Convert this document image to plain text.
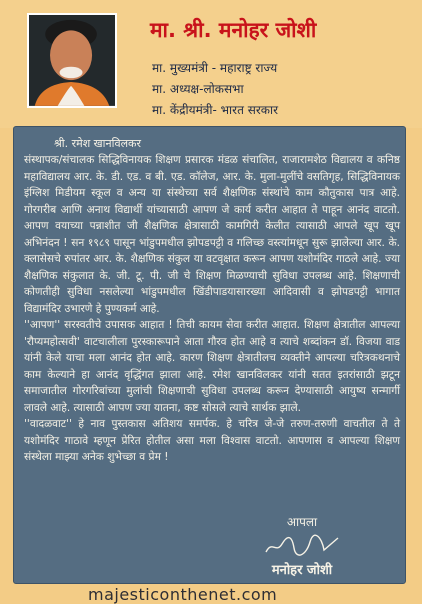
मा. श्री. मनोहर जोशी
मा. मुख्यमंत्री - महाराष्ट्र राज्य
मा. अध्यक्ष-लोकसभा
मा. केंद्रीयमंत्री- भारत सरकार
श्री. रमेश खानविलकर

संस्थापक/संचालक सिद्धिविनायक शिक्षण प्रसारक मंडळ संचालित, राजारामशेठ विद्यालय व कनिष्ठ महाविद्यालय आर. के. डी. एड. व बी. एड. कॉलेज, आर. के. मुला-मुलींचे वसतिगृह, सिद्धिविनायक इंग्लिश मिडीयम स्कूल व अन्य या संस्थेच्या सर्व शैक्षणिक संस्थांचे काम कौतुकास पात्र आहे. गोरगरीब आणि अनाथ विद्यार्थी यांच्यासाठी आपण जे कार्य करीत आहात ते पाहून आनंद वाटतो. आपण वयाच्या पन्नाशीत जी शैक्षणिक क्षेत्रासाठी कामगिरी केलीत त्यासाठी आपले खूप खूप अभिनंदन ! सन १९८९ पासून भांडुपमधील झोपडपट्टी व गलिच्छ वस्त्यांमधून सुरू झालेल्या आर. के. क्लासेसचे रुपांतर आर. के. शैक्षणिक संकुल या वटवृक्षात करून आपण यशोमंदिर गाठले आहे. ज्या शैक्षणिक संकुलात के. जी. टू. पी. जी चे शिक्षण मिळण्याची सुविधा उपलब्ध आहे. शिक्षणाची कोणतीही सुविधा नसलेल्या भांडुपमधील खिंडीपाडयासारख्या आदिवासी व झोपडपट्टी भागात विद्यामंदिर उभारणे हे पुण्यकर्म आहे.

''आपण'' सरस्वतीचे उपासक आहात ! तिची कायम सेवा करीत आहात. शिक्षण क्षेत्रातील आपल्या 'रौप्यमहोत्सवी' वाटचालीला पुरस्कारूपाने आता गौरव होत आहे व त्याचे शब्दांकन डॉ. विजया वाड यांनी केले याचा मला आनंद होत आहे. कारण शिक्षण क्षेत्रातीलच व्यक्तीने आपल्या चरित्रकथनाचे काम केल्याने हा आनंद वृद्धिंगत झाला आहे. रमेश खानविलकर यांनी सतत इतरांसाठी झटून समाजातील गोरगरिबांच्या मुलांची शिक्षणाची सुविधा उपलब्ध करून देण्यासाठी आयुष्य सन्मार्गी लावले आहे. त्यासाठी आपण ज्या यातना, कष्ट सोसले त्याचे सार्थक झाले.

''वादळवाट'' हे नाव पुस्तकास अतिशय समर्पक. हे चरित्र जे-जे तरुण-तरुणी वाचतील ते ते यशोमंदिर गाठावे म्हणून प्रेरित होतील असा मला विश्वास वाटतो. आपणास व आपल्या शिक्षण संस्थेला माझ्या अनेक शुभेच्छा व प्रेम !

आपला
मनोहर जोशी
majesticonthenet.com
